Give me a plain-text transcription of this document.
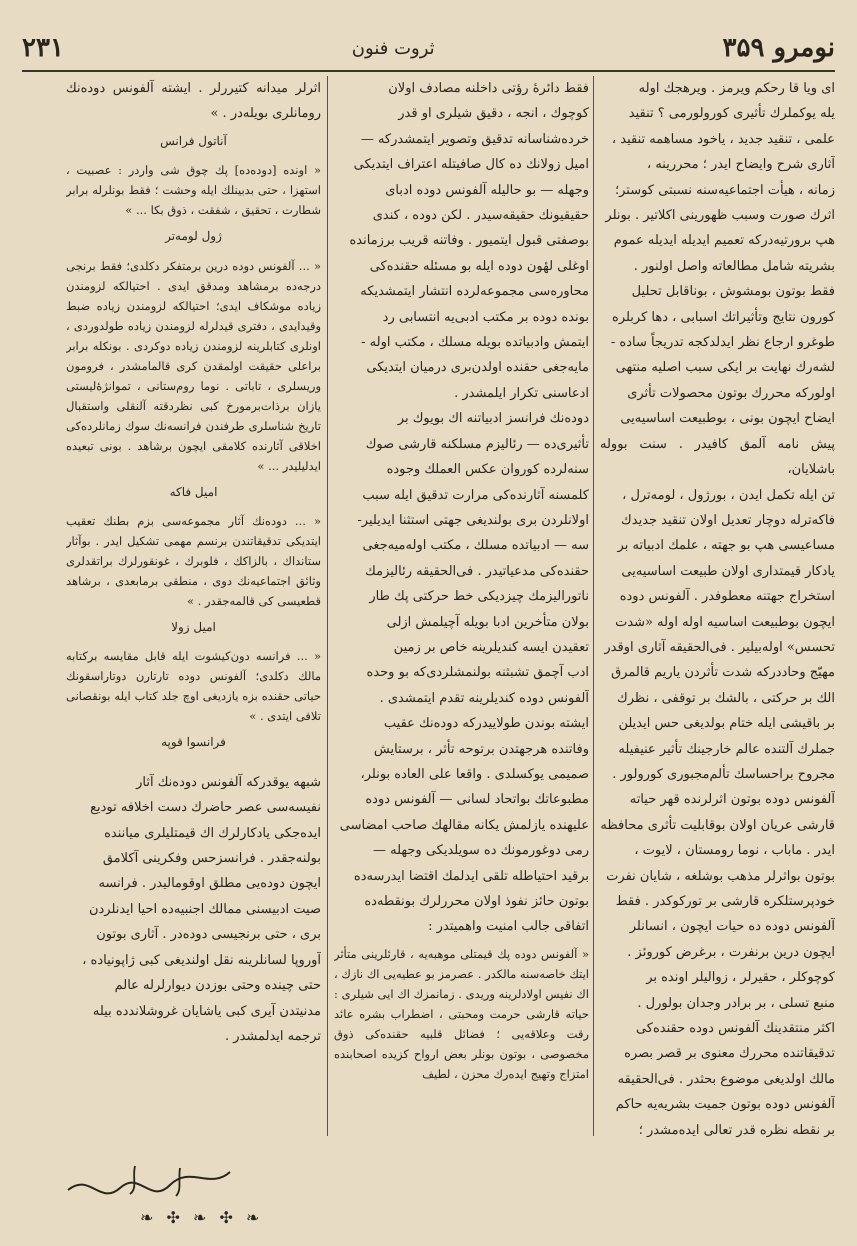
نومرو ۳۵۹
ثروت فنون
۲۳۱

ای ویا قا رحکم ویرمز . ویرهجك اوله

یله یوکملرك تأثیری کورولورمی ؟ تنقید

علمی ، تنقید جدید ، یاخود مساهمه تنقید ،

آثاری شرح وایضاح ایدر ؛ محررینه ،

زمانه ، هیأت اجتماعیه‌سنه نسبتی کوستر؛

اثرك صورت وسبب ظهورینی اکلاتیر . بونلر

هپ برورتیه‌درکه تعمیم ایدیله ایدیله عموم

بشریته شامل مطالعاته واصل اولنور .

فقط بوتون بومشوش ، بوناقابل تحلیل

کورون نتایج وتأثیراتك اسبابی ، دها کربلره

طوغرو ارجاع نظر ایدلدکجه تدریجاً ساده -

لشه‌رك نهایت بر ایکی سبب اصلیه منتهی

اولورکه محررك بوتون محصولات تأثری

ایضاح ایچون بونی ، بوطبیعت اساسیه‌یی

پیش نامه آلمق کافیدر . سنت بووله باشلایان،

تن ایله تکمل ایدن ، بورژول ، لومه‌ترل ،

فاکه‌ترله دوچار تعدیل اولان تنقید جدیدك

مساعیسی هپ بو جهته ، علمك ادبیاته بر

یادکار قیمتداری اولان طبیعت اساسیه‌یی

استخراج جهتنه معطوفدر . آلفونس دوده

ایچون بوطبیعت اساسیه اوله اوله «شدت

تحسس» اوله‌بیلیر . فی‌الحقیقه آثاری اوقدر

مهیّج وحاددرکه شدت تأثردن یاریم قالمرق

الك بر حرکتی ، بالشك بر توقفی ، نظرك

بر باقیشی ایله ختام بولدیغی حس ایدیلن

جملرك آلتنده عالم خارجینك تأثیر عنیفیله

مجروح براحساسك تألم‌مجبوری کورولور .

آلفونس دوده بوتون اثرلرنده قهر حیاته

قارشی عریان اولان بوقابلیت تأثری محافظه

ایدر . ماباب ، نوما رومستان ، لایوت ،

بوتون بواثرلر مذهب بوشلغه ، شایان نفرت

خودپرستلکره قارشی بر تورکوکدر . فقط

آلفونس دوده ده حیات ایچون ، انسانلر

ایچون درین برنفرت ، برغرض کوروئز .

کوچوکلر ، حقیرلر ، زوالیلر اونده بر

منبع تسلی ، بر برادر وجدان بولورل .

اکثر منتقدینك آلفونس دوده حقنده‌کی

تدقیقاتنده محررك معنوی بر قصر بصره

مالك اولدیغی موضوع بحثدر . فی‌الحقیقه

آلفونس دوده بوتون جمیت بشریه‌یه حاکم

بر نقطه نظره قدر تعالی ایده‌مشدر ؛

فقط دائرۀ رؤتی داخلنه مصادف اولان

کوچوك ، انجه ، دقیق شیلری او قدر

خرده‌شناسانه تدقیق وتصویر ایتمشدرکه —

امیل زولانك ده کال صافیتله اعتراف ایتدیکی

وجهله — بو حالیله آلفونس دوده ادبای

حقیقیونك حقیقه‌سیدر . لکن دوده ، کندی

بوصفتی قبول ایتمیور . وفاتنه قریب برزمانده

اوغلی لهٔون دوده ایله بو مسئله حقنده‌کی

محاوره‌سی مجموعه‌لرده انتشار ایتمشدیکه

بونده دوده بر مکتب ادبی‌یه انتسابی رد

ایتمش وادبیاتده بویله مسلك ، مکتب اوله -

مایه‌جغی حقنده اولدن‌بری درمیان ایتدیکی

ادعاسنی تکرار ایلمشدر .

دوده‌نك فرانسز ادبیاتنه اك بویوك بر

تأثیری‌ده — رئالیزم مسلکنه قارشی صوك

سنه‌لرده کوروان عکس العملك وجوده

کلمسنه آثارنده‌کی مرارت تدقیق ایله سبب

اولانلردن بری بولندیغی جهتی استثنا ایدیلیر-

سه — ادبیاتده مسلك ، مکتب اوله‌میه‌جغی

حقنده‌کی مدعیاتیدر . فی‌الحقیقه رئالیزمك

ناتورالیزمك چیزدیکی خط حرکتی پك طار

بولان متأخرین ادبا بویله آچیلمش ازلی

تعقیدن ایسه کندیلرینه خاص بر زمین

ادب آچمق تشبثنه بولنمشلردی‌که بو وحده

آلفونس دوده کندیلرینه تقدم ایتمشدی .

ایشته بوندن طولاییدرکه دوده‌نك عقیب

وفاتنده هرجهتدن برتوحه تأثر ، برستایش

صمیمی یوکسلدی . واقعا علی العاده بونلر،

مطبوعاتك بواتحاد لسانی — آلفونس دوده

علیهنده یازلمش یکانه مقالهك صاحب امضاسی

رمی دوغورمونك ده سویلدیکی وجهله —

برقید احتیاطله تلقی ایدلمك اقتضا ایدرسه‌ده

بوتون حائز نفوذ اولان محررلرك بونقطه‌ده

اتفاقی جالب امنیت واهمیتدر :

« آلفونس دوده پك قیمتلی موهبه‌یه ، قارئلرینی متأثر ایتك خاصه‌سنه مالکدر . عصرمز بو عطیه‌یی اك نازك ، اك نفیس اولادلرینه وریدی . زمانمزك اك ایی شیلری : حیاته قارشی حرمت ومحبتی ، اضطراب بشره عائد رقت وعلاقه‌یی ؛ فضائل قلبیه حقنده‌کی ذوق مخصوصی ، بوتون بونلر بعض ارواح کزیده اصحابنده امتزاج وتهیج ایده‌رك محزن ، لطیف

اثرلر میدانه کتیررلر . ایشته آلفونس دوده‌نك رومانلری بویله‌در . »

آناتول فرانس

« اونده [دوده‌ده] پك چوق شی واردر : عصبیت ، استهزا ، حتی بدبینلك ایله وحشت ؛ فقط بونلرله برابر شطارت ، تحقیق ، شفقت ، ذوق بکا ... »

ژول لومه‌تر

« ... آلفونس دوده درین برمتفکر دکلدی؛ فقط برنجی درجه‌ده برمشاهد ومدقق ایدی . احتیالکه لزومندن زیاده موشکاف ایدی؛ احتیالکه لزومندن زیاده ضبط وقیدایدی ، دفتری قیدلرله لزومندن زیاده طولدوردی ، اونلری کتابلرینه لزومندن زیاده دوکردی . بونکله برابر براعلی حقیقت اولمقدن کری قالمامشدر ، فرومون وریسلری ، تاباتی . نوما روم‌ستانی ، تموانژهٔ‌لیستی یازان برذات‌برمورخ کبی نظردقته آلنقلی واستقبال تاریخ شناسلری طرفندن فرانسه‌نك سوك زمانلرده‌کی اخلاقی آثارنده کلامقی ایچون برشاهد . بونی تبعیده ایدلیلیدر ... »

امیل فاکه

« ... دوده‌نك آثار مجموعه‌سی بزم بطنك تعقیب ایتدیکی تدقیقاتندن برنسم مهمی تشکیل ایدر . بوآثار ستانداك ، بالزاكك ، فلوبرك ، غونقورلرك براتقدلری وثائق اجتماعیه‌نك دوی ، منطقی برمابعدی ، برشاهد قطعیسی کی قالمه‌جقدر . »

امیل زولا

« ... فرانسه دون‌کیشوت ایله قابل مقایسه برکتابه مالك دکلدی؛ آلفونس دوده تارتارن دوتاراسقونك حیاتی حقنده بزه یازدیغی اوچ جلد کتاب ایله بونقصانی تلافی ایتدی . »

فرانسوا قوپه

شبهه یوقدرکه آلفونس دوده‌نك آثار

نفیسه‌سی عصر حاضرك دست اخلافه تودیع

ایده‌جکی یادکارلرك اك قیمتلیلری میاننده

بولنه‌جقدر . فرانسزحس وفکرینی آکلامق

ایچون دوده‌یی مطلق اوقومالیدر . فرانسه

صیت ادبیسنی ممالك اجنبیه‌ده احیا ایدنلردن

بری ، حتی برنجیسی دوده‌در . آثاری بوتون

آوروپا لسانلرینه نقل اولندیغی کبی ژاپونیاده ،

حتی چینده وحتی بوزدن دیوارلرله عالم

مدنیتدن آیری کبی یاشایان غروشلاندده بیله

ترجمه ایدلمشدر .

❧ ✣ ❧ ✣ ❧
